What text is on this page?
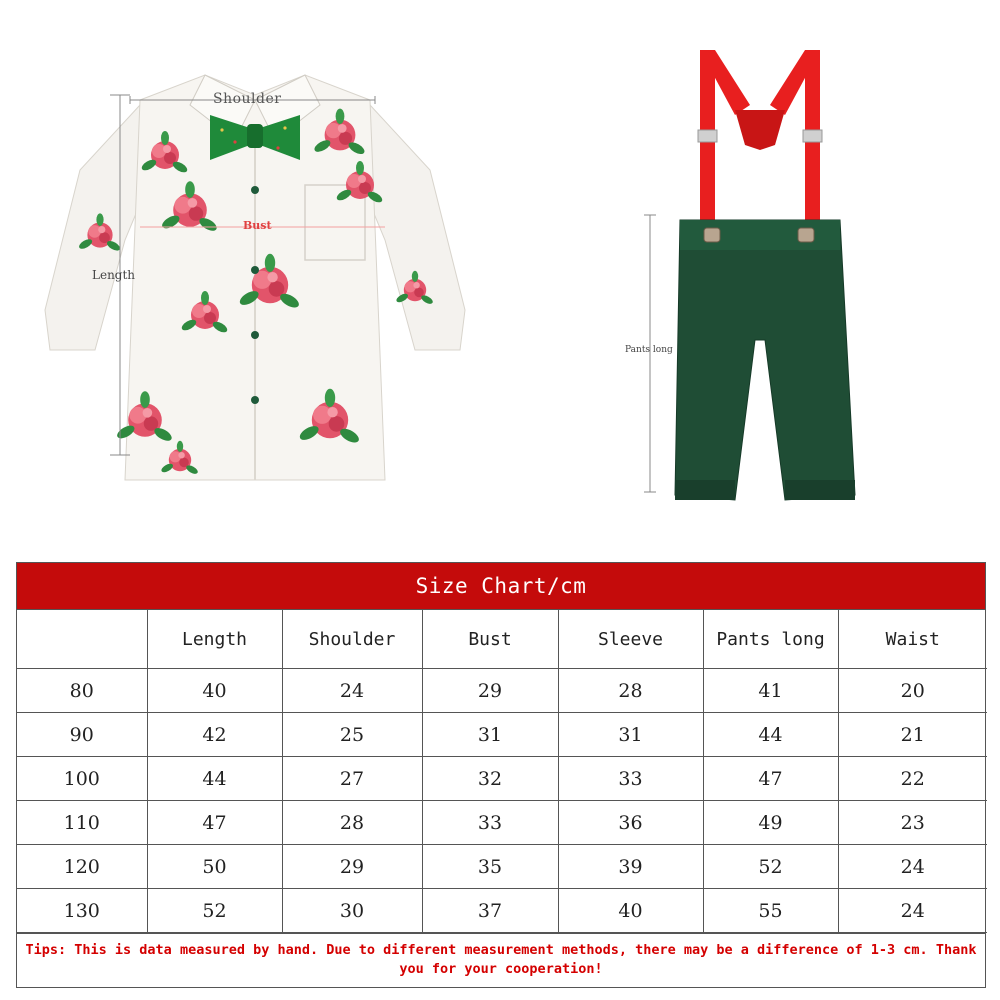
Shoulder
Bust
Length
Pants long
Size Chart/cm
	Length	Shoulder	Bust	Sleeve	Pants long	Waist
80	40	24	29	28	41	20
90	42	25	31	31	44	21
100	44	27	32	33	47	22
110	47	28	33	36	49	23
120	50	29	35	39	52	24
130	52	30	37	40	55	24
Tips: This is data measured by hand. Due to different measurement methods, there may be a difference of 1-3 cm. Thank you for your cooperation!
